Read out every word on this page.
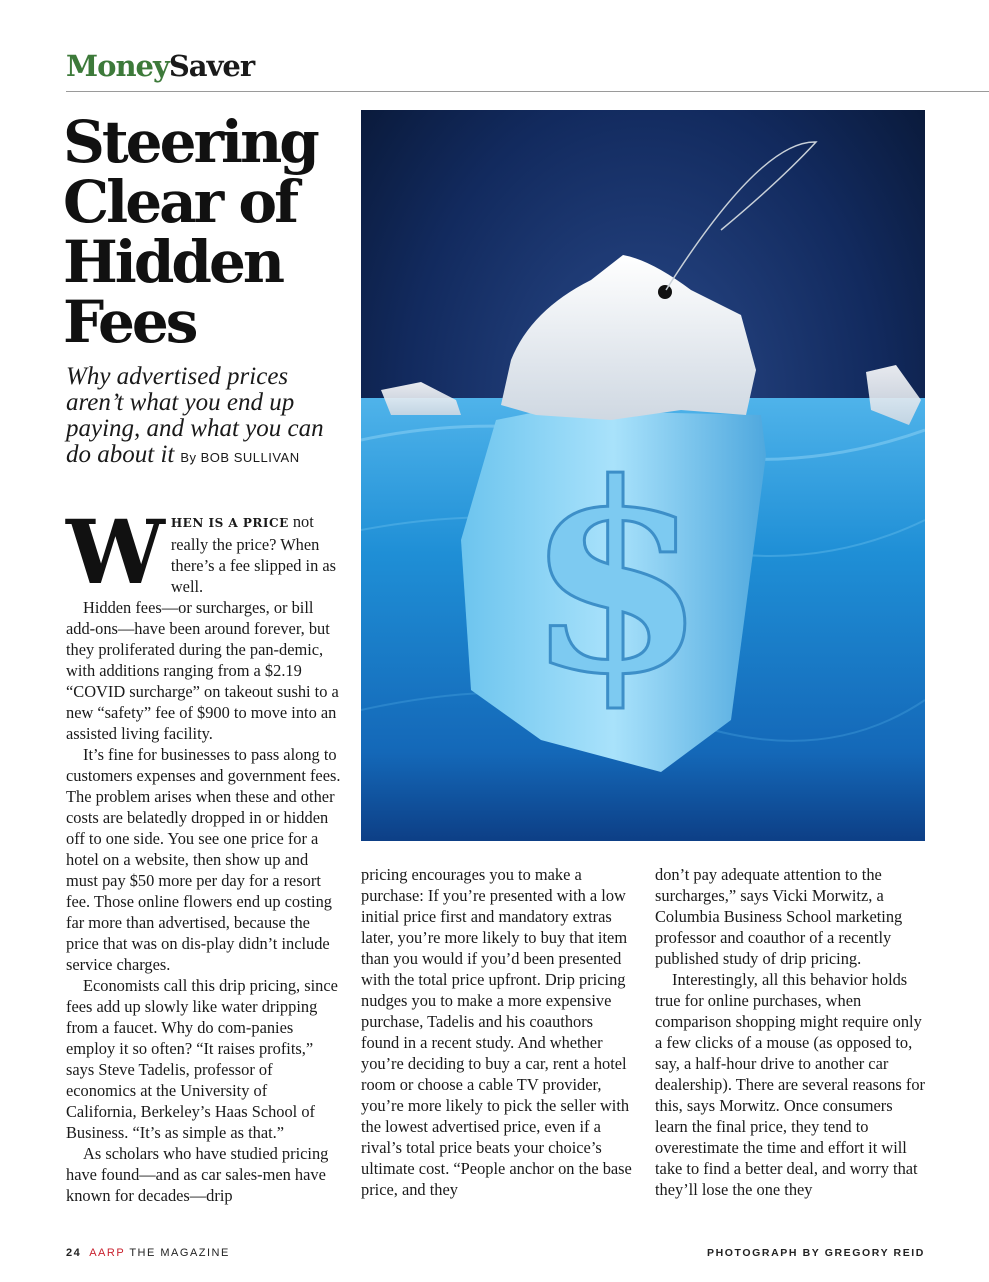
MoneySaver
Steering
Clear of
Hidden
Fees
Why advertised prices aren’t what you end up paying, and what you can do about it By BOB SULLIVAN $

WHEN IS A PRICE not really the price? When there’s a fee slipped in as well.

Hidden fees—or surcharges, or bill add-ons—have been around forever, but they proliferated during the pan-demic, with additions ranging from a $2.19 “COVID surcharge” on takeout sushi to a new “safety” fee of $900 to move into an assisted living facility.

It’s fine for businesses to pass along to customers expenses and government fees. The problem arises when these and other costs are belatedly dropped in or hidden off to one side. You see one price for a hotel on a website, then show up and must pay $50 more per day for a resort fee. Those online flowers end up costing far more than advertised, because the price that was on dis-play didn’t include service charges.

Economists call this drip pricing, since fees add up slowly like water dripping from a faucet. Why do com-panies employ it so often? “It raises profits,” says Steve Tadelis, professor of economics at the University of California, Berkeley’s Haas School of Business. “It’s as simple as that.”

As scholars who have studied pricing have found—and as car sales-men have known for decades—drip

pricing encourages you to make a purchase: If you’re presented with a low initial price first and mandatory extras later, you’re more likely to buy that item than you would if you’d been presented with the total price upfront. Drip pricing nudges you to make a more expensive purchase, Tadelis and his coauthors found in a recent study. And whether you’re deciding to buy a car, rent a hotel room or choose a cable TV provider, you’re more likely to pick the seller with the lowest advertised price, even if a rival’s total price beats your choice’s ultimate cost. “People anchor on the base price, and they

don’t pay adequate attention to the surcharges,” says Vicki Morwitz, a Columbia Business School marketing professor and coauthor of a recently published study of drip pricing.

Interestingly, all this behavior holds true for online purchases, when comparison shopping might require only a few clicks of a mouse (as opposed to, say, a half-hour drive to another car dealership). There are several reasons for this, says Morwitz. Once consumers learn the final price, they tend to overestimate the time and effort it will take to find a better deal, and worry that they’ll lose the one they

24 AARP THE MAGAZINE	PHOTOGRAPH BY GREGORY REID
